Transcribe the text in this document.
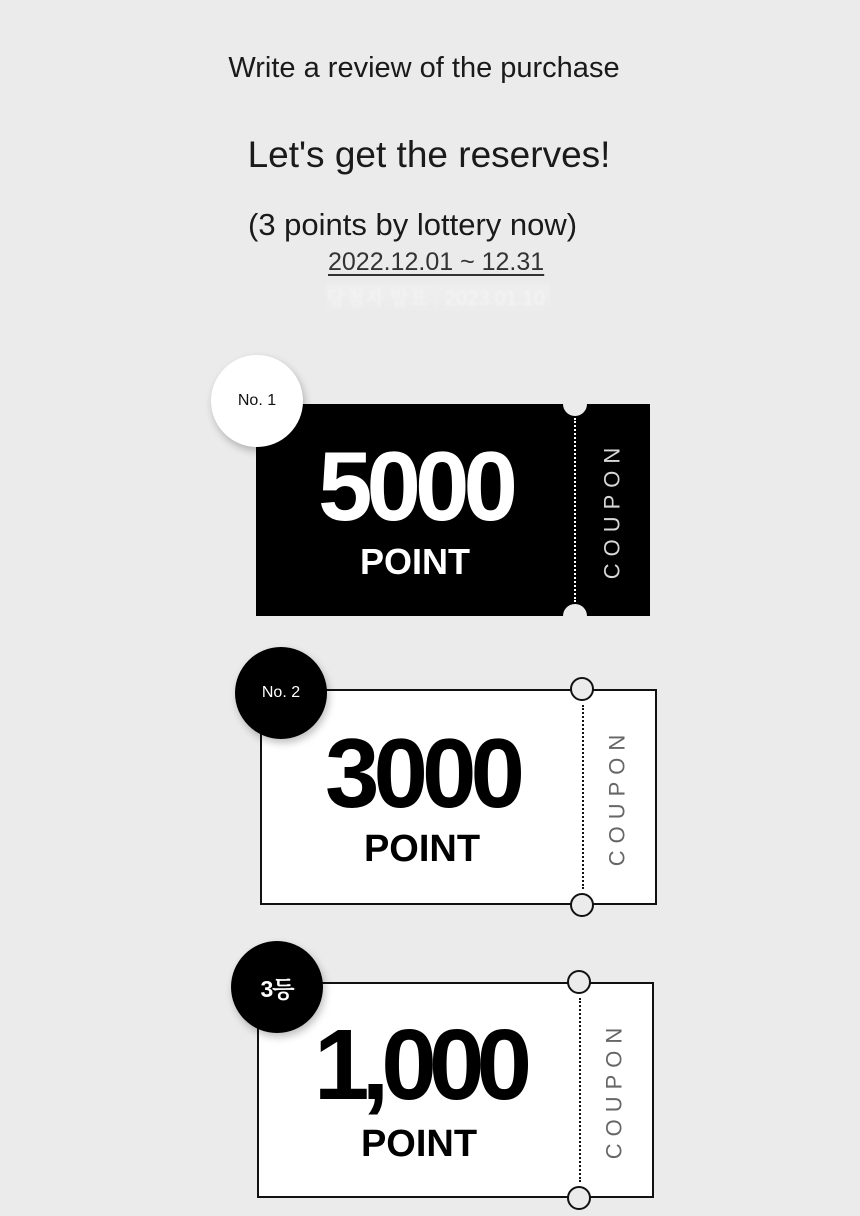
Write a review of the purchase
Let's get the reserves!
(3 points by lottery now)
2022.12.01 ~ 12.31
당첨자 발표 : 2023.01.10
5000
POINT	COUPON
No. 1
3000
POINT	COUPON
No. 2
1,000
POINT	COUPON
3등
